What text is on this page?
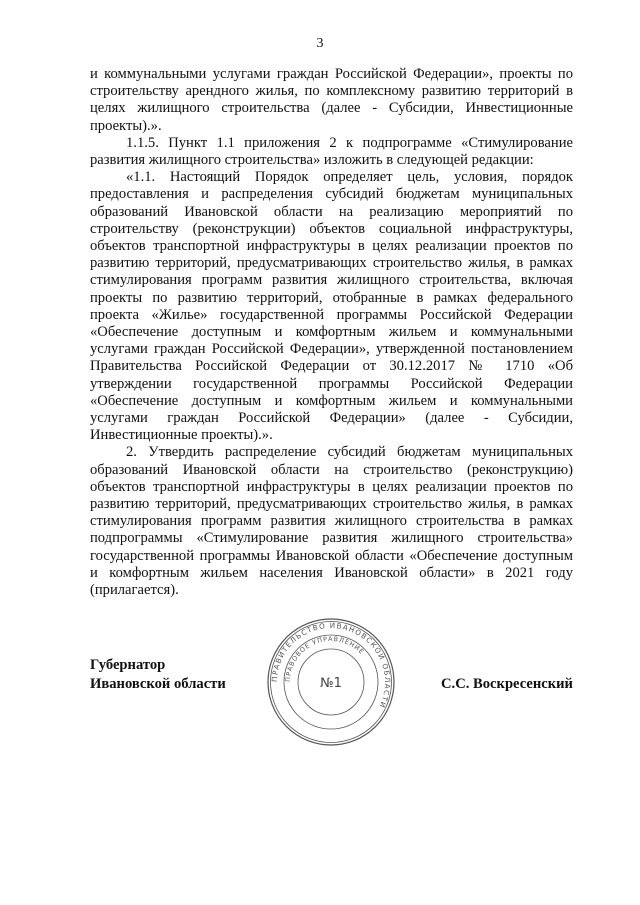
3

и коммунальными услугами граждан Российской Федерации», проекты по строительству арендного жилья, по комплексному развитию территорий в целях жилищного строительства (далее - Субсидии, Инвестиционные проекты).».

1.1.5. Пункт 1.1 приложения 2 к подпрограмме «Стимулирование развития жилищного строительства» изложить в следующей редакции:

«1.1. Настоящий Порядок определяет цель, условия, порядок предоставления и распределения субсидий бюджетам муниципальных образований Ивановской области на реализацию мероприятий по строительству (реконструкции) объектов социальной инфраструктуры, объектов транспортной инфраструктуры в целях реализации проектов по развитию территорий, предусматривающих строительство жилья, в рамках стимулирования программ развития жилищного строительства, включая проекты по развитию территорий, отобранные в рамках федерального проекта «Жилье» государственной программы Российской Федерации «Обеспечение доступным и комфортным жильем и коммунальными услугами граждан Российской Федерации», утвержденной постановлением Правительства Российской Федерации от 30.12.2017 № 1710 «Об утверждении государственной программы Российской Федерации «Обеспечение доступным и комфортным жильем и коммунальными услугами граждан Российской Федерации» (далее - Субсидии, Инвестиционные проекты).».

2. Утвердить распределение субсидий бюджетам муниципальных образований Ивановской области на строительство (реконструкцию) объектов транспортной инфраструктуры в целях реализации проектов по развитию территорий, предусматривающих строительство жилья, в рамках стимулирования программ развития жилищного строительства в рамках подпрограммы «Стимулирование развития жилищного строительства» государственной программы Ивановской области «Обеспечение доступным и комфортным жильем населения Ивановской области» в 2021 году (прилагается).

Губернатор
Ивановской области	С.С. Воскресенский
ПРАВИТЕЛЬСТВО ИВАНОВСКОЙ ОБЛАСТИ
ПРАВОВОЕ УПРАВЛЕНИЕ
№1
